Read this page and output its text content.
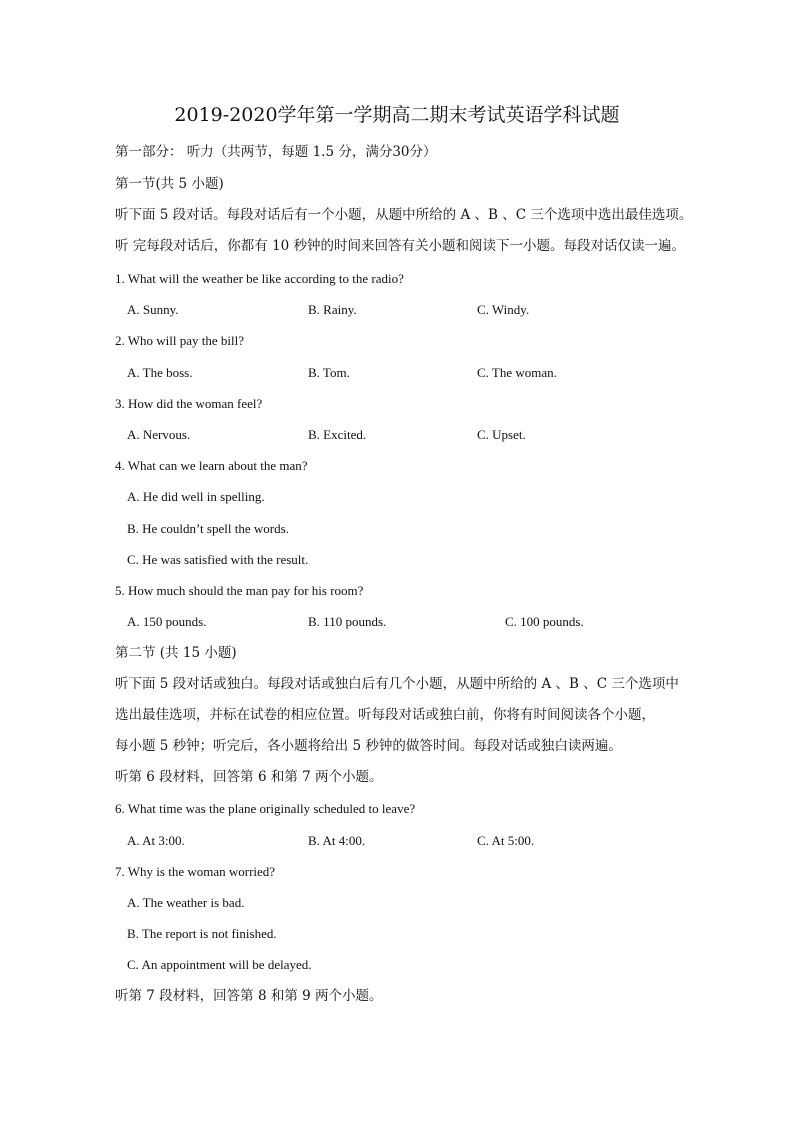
2019-2020学年第一学期高二期末考试英语学科试题
第一部分： 听力（共两节，每题 1.5 分，满分30分）
第一节(共 5 小题)
听下面 5 段对话。每段对话后有一个小题，从题中所给的 A 、B 、C 三个选项中选出最佳选项。
听 完每段对话后，你都有 10 秒钟的时间来回答有关小题和阅读下一小题。每段对话仅读一遍。
1. What will the weather be like according to the radio?
A. Sunny.	B. Rainy.	C. Windy.
2. Who will pay the bill?
A. The boss.	B. Tom.	C. The woman.
3. How did the woman feel?
A. Nervous.	B. Excited.	C. Upset.
4. What can we learn about the man?
A. He did well in spelling.
B. He couldn’t spell the words.
C. He was satisfied with the result.
5. How much should the man pay for his room?
A. 150 pounds.	B. 110 pounds.	C. 100 pounds.
第二节 (共 15 小题)
听下面 5 段对话或独白。每段对话或独白后有几个小题，从题中所给的 A 、B 、C 三个选项中
选出最佳选项，并标在试卷的相应位置。听每段对话或独白前，你将有时间阅读各个小题，
每小题 5 秒钟；听完后，各小题将给出 5 秒钟的做答时间。每段对话或独白读两遍。
听第 6 段材料，回答第 6 和第 7 两个小题。
6. What time was the plane originally scheduled to leave?
A. At 3:00.	B. At 4:00.	C. At 5:00.
7. Why is the woman worried?
A. The weather is bad.
B. The report is not finished.
C. An appointment will be delayed.
听第 7 段材料，回答第 8 和第 9 两个小题。
